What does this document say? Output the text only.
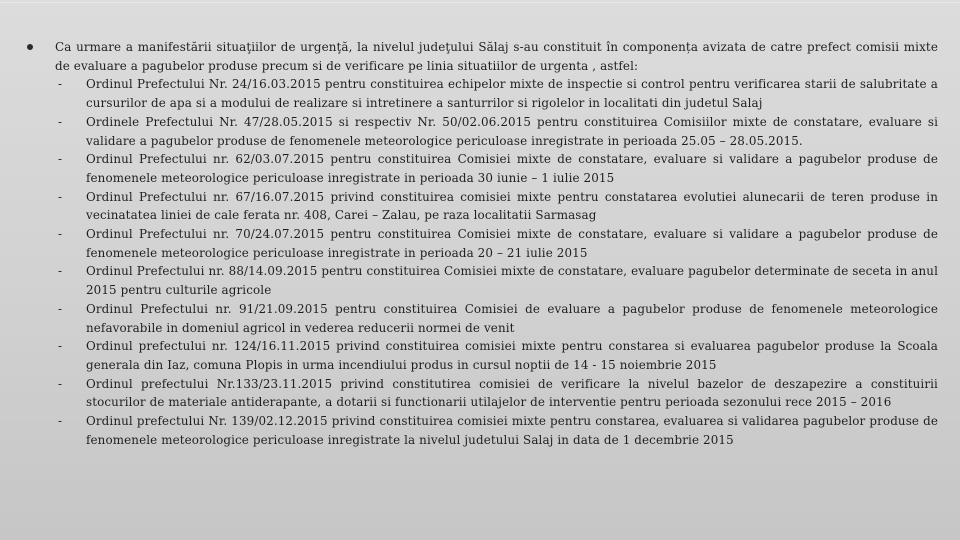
Ca urmare a manifestării situaţiilor de urgenţă, la nivelul judeţului Sălaj s-au constituit în componența avizata de catre prefect comisii mixte de evaluare a pagubelor produse precum si de verificare pe linia situatiilor de urgenta , astfel:
- Ordinul Prefectului Nr. 24/16.03.2015 pentru constituirea echipelor mixte de inspectie si control pentru verificarea starii de salubritate a cursurilor de apa si a modului de realizare si intretinere a santurrilor si rigolelor in localitati din judetul Salaj
- Ordinele Prefectului Nr. 47/28.05.2015 si respectiv Nr. 50/02.06.2015 pentru constituirea Comisiilor mixte de constatare, evaluare si validare a pagubelor produse de fenomenele meteorologice periculoase inregistrate in perioada 25.05 – 28.05.2015.
- Ordinul Prefectului nr. 62/03.07.2015 pentru constituirea Comisiei mixte de constatare, evaluare si validare a pagubelor produse de fenomenele meteorologice periculoase inregistrate in perioada 30 iunie – 1 iulie 2015
- Ordinul Prefectului nr. 67/16.07.2015 privind constituirea comisiei mixte pentru constatarea evolutiei alunecarii de teren produse in vecinatatea liniei de cale ferata nr. 408, Carei – Zalau, pe raza localitatii Sarmasag
- Ordinul Prefectului nr. 70/24.07.2015 pentru constituirea Comisiei mixte de constatare, evaluare si validare a pagubelor produse de fenomenele meteorologice periculoase inregistrate in perioada 20 – 21 iulie 2015
- Ordinul Prefectului nr. 88/14.09.2015 pentru constituirea Comisiei mixte de constatare, evaluare pagubelor determinate de seceta in anul 2015 pentru culturile agricole
- Ordinul Prefectului nr. 91/21.09.2015 pentru constituirea Comisiei de evaluare a pagubelor produse de fenomenele meteorologice nefavorabile in domeniul agricol in vederea reducerii normei de venit
- Ordinul prefectului nr. 124/16.11.2015 privind constituirea comisiei mixte pentru constarea si evaluarea pagubelor produse la Scoala generala din Iaz, comuna Plopis in urma incendiului produs in cursul noptii de 14 - 15 noiembrie 2015
- Ordinul prefectului Nr.133/23.11.2015 privind constitutirea comisiei de verificare la nivelul bazelor de deszapezire a constituirii stocurilor de materiale antiderapante, a dotarii si functionarii utilajelor de interventie pentru perioada sezonului rece 2015 – 2016
- Ordinul prefectului Nr. 139/02.12.2015 privind constituirea comisiei mixte pentru constarea, evaluarea si validarea pagubelor produse de fenomenele meteorologice periculoase inregistrate la nivelul judetului Salaj in data de 1 decembrie 2015
